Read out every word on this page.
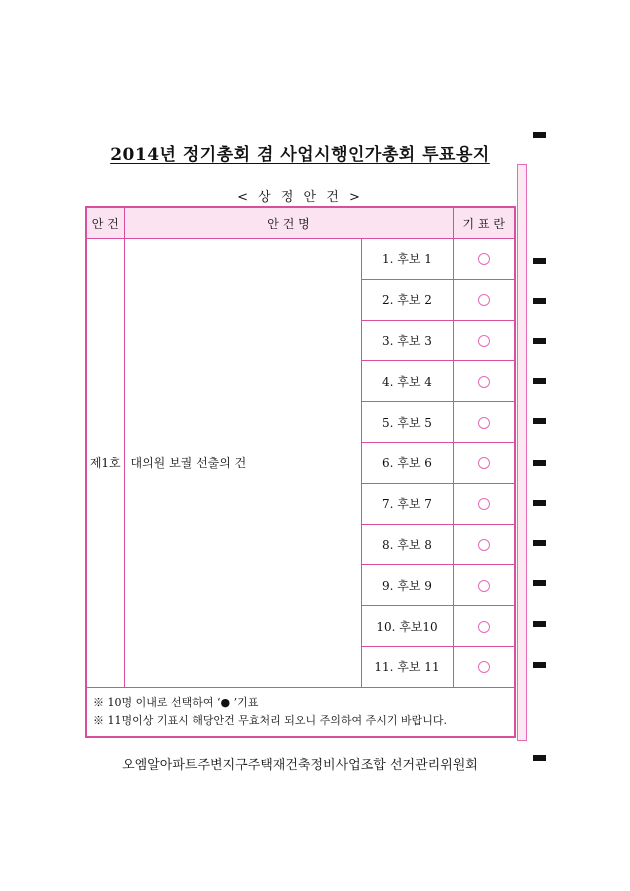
2014년 정기총회 겸 사업시행인가총회 투표용지
< 상 정 안 건 >
안 건	안 건 명		기 표 란
제1호	대의원 보궐 선출의 건	1. 후보 1	
		2. 후보 2	
		3. 후보 3	
		4. 후보 4	
		5. 후보 5	
		6. 후보 6	
		7. 후보 7	
		8. 후보 8	
		9. 후보 9	
		10. 후보10	
		11. 후보 11	

※ 10명 이내로 선택하여 ‘● ’기표
※ 11명이상 기표시 해당안건 무효처리 되오니 주의하여 주시기 바랍니다.			
오엠알아파트주변지구주택재건축정비사업조합 선거관리위원회
